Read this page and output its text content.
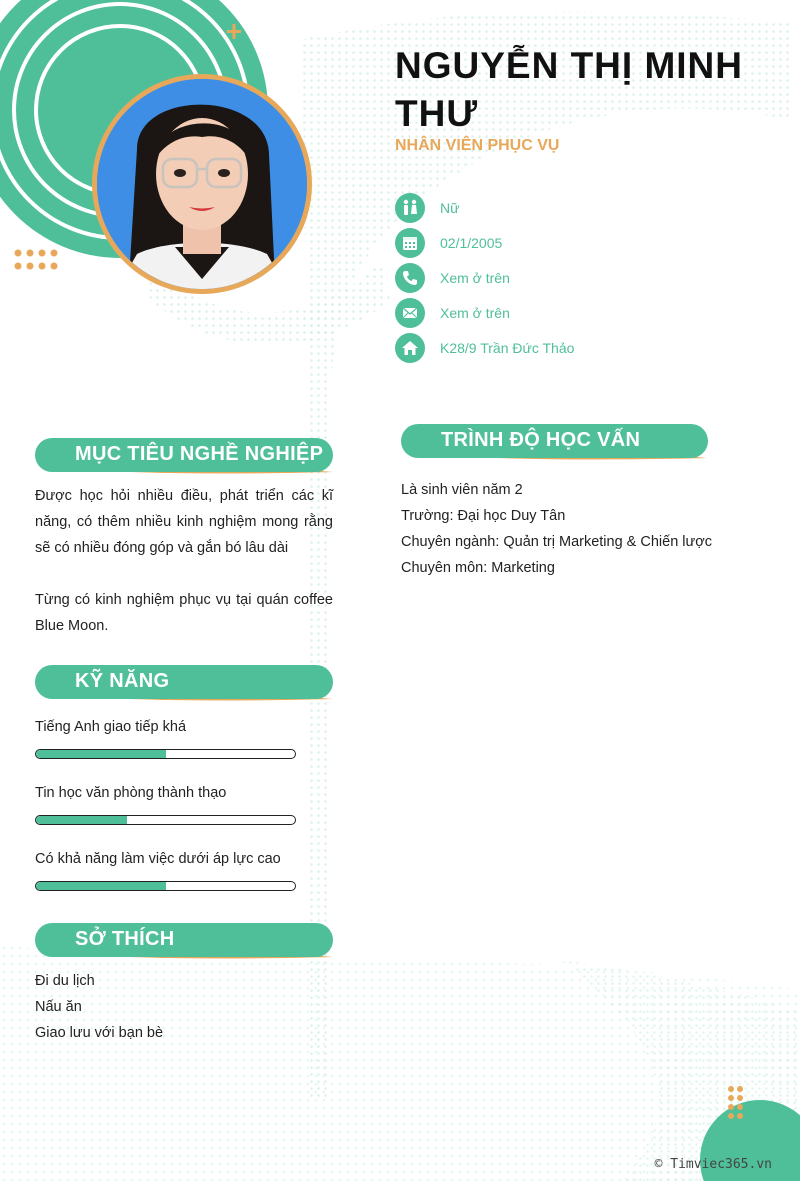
NGUYỄN THỊ MINH THƯ
NHÂN VIÊN PHỤC VỤ
Nữ
02/1/2005
Xem ở trên
Xem ở trên
K28/9 Trần Đức Thảo
MỤC TIÊU NGHỀ NGHIỆP
Được học hỏi nhiều điều, phát triển các kĩ năng, có thêm nhiều kinh nghiệm mong rằng sẽ có nhiều đóng góp và gắn bó lâu dài
Từng có kinh nghiệm phục vụ tại quán coffee Blue Moon.
KỸ NĂNG
Tiếng Anh giao tiếp khá
Tin học văn phòng thành thạo
Có khả năng làm việc dưới áp lực cao
SỞ THÍCH
Đi du lịch
Nấu ăn
Giao lưu với bạn bè
TRÌNH ĐỘ HỌC VẤN
Là sinh viên năm 2
Trường: Đại học Duy Tân
Chuyên ngành: Quản trị Marketing & Chiến lược
Chuyên môn: Marketing
© Timviec365.vn
